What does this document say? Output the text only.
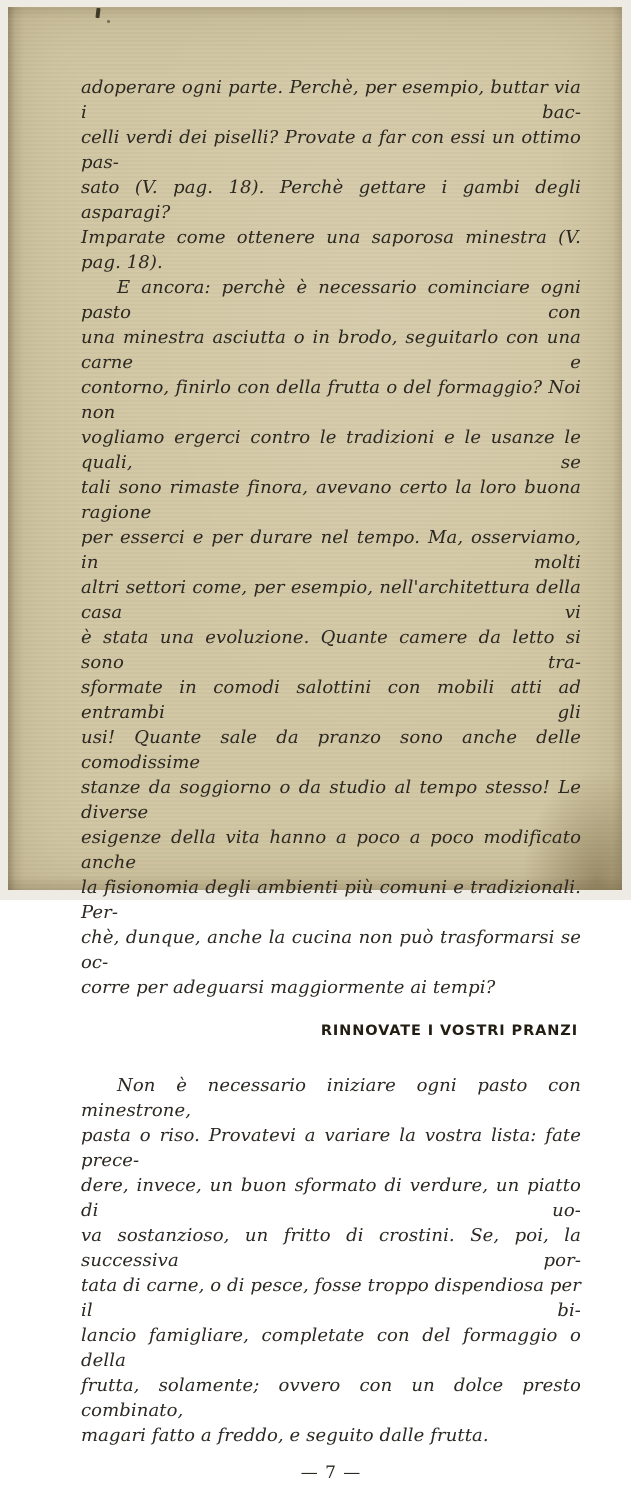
adoperare ogni parte. Perchè, per esempio, buttar via i bac-
celli verdi dei piselli? Provate a far con essi un ottimo pas-
sato (V. pag. 18). Perchè gettare i gambi degli asparagi?
Imparate come ottenere una saporosa minestra (V. pag. 18).

E ancora: perchè è necessario cominciare ogni pasto con
una minestra asciutta o in brodo, seguitarlo con una carne e
contorno, finirlo con della frutta o del formaggio? Noi non
vogliamo ergerci contro le tradizioni e le usanze le quali, se
tali sono rimaste finora, avevano certo la loro buona ragione
per esserci e per durare nel tempo. Ma, osserviamo, in molti
altri settori come, per esempio, nell'architettura della casa vi
è stata una evoluzione. Quante camere da letto si sono tra-
sformate in comodi salottini con mobili atti ad entrambi gli
usi! Quante sale da pranzo sono anche delle comodissime
stanze da soggiorno o da studio al tempo stesso! Le diverse
esigenze della vita hanno a poco a poco modificato anche
la fisionomia degli ambienti più comuni e tradizionali. Per-
chè, dunque, anche la cucina non può trasformarsi se oc-
corre per adeguarsi maggiormente ai tempi?

RINNOVATE I VOSTRI PRANZI

Non è necessario iniziare ogni pasto con minestrone,
pasta o riso. Provatevi a variare la vostra lista: fate prece-
dere, invece, un buon sformato di verdure, un piatto di uo-
va sostanzioso, un fritto di crostini. Se, poi, la successiva por-
tata di carne, o di pesce, fosse troppo dispendiosa per il bi-
lancio famigliare, completate con del formaggio o della
frutta, solamente; ovvero con un dolce presto combinato,
magari fatto a freddo, e seguito dalle frutta.

— 7 —
